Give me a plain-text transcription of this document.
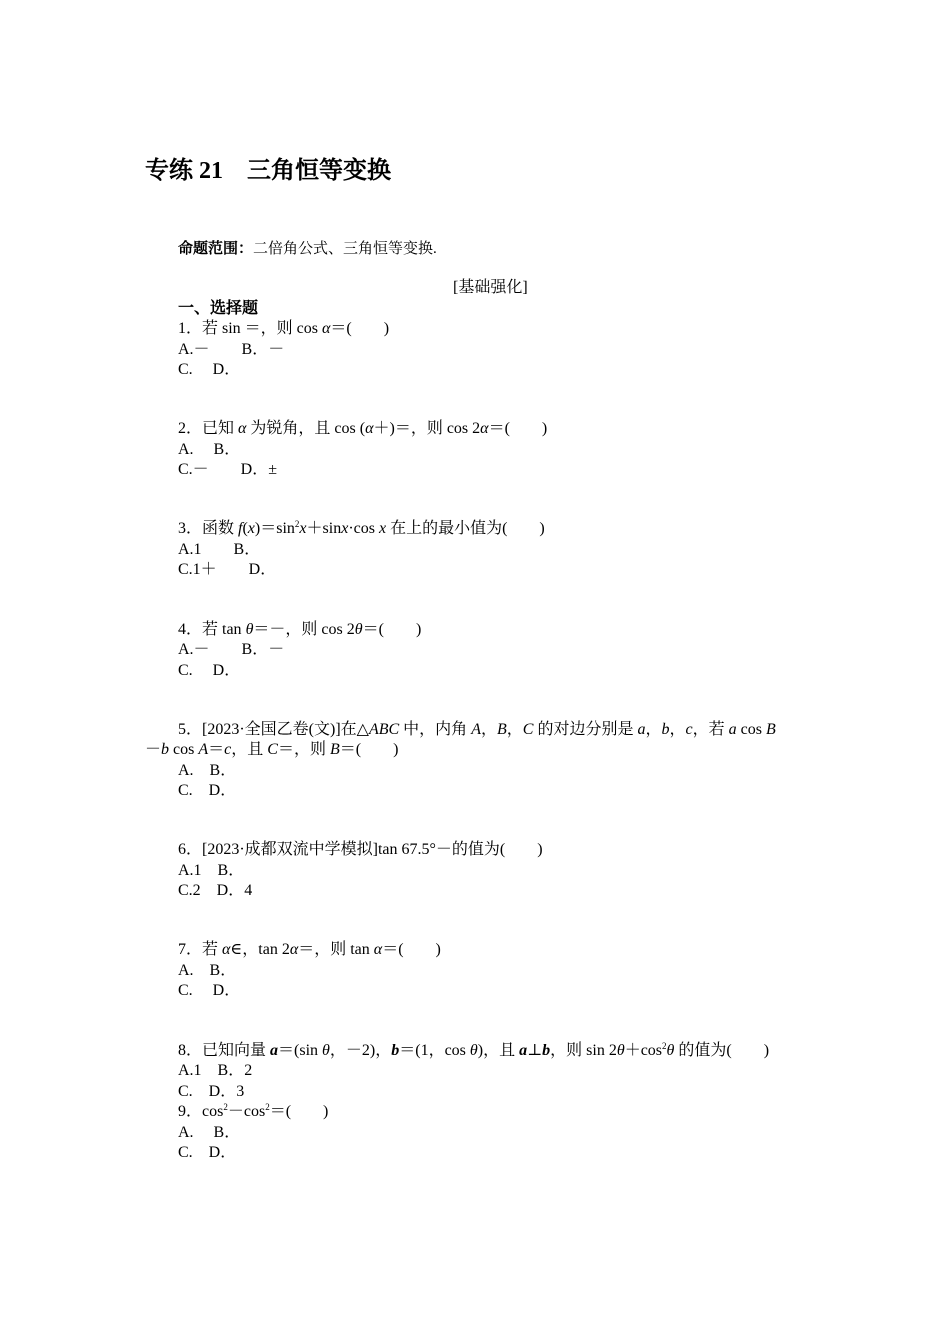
专练 21　三角恒等变换
命题范围：二倍角公式、三角恒等变换.
[基础强化]
一、选择题
1．若 sin ＝，则 cos α＝(　　)
A.－　　B．－
C.　 D．
2．已知 α 为锐角，且 cos (α＋)＝，则 cos 2α＝(　　)
A.　 B．
C.－　　D．±
3．函数 $f(x)=\sin^2x+\sin x\cdot\cos$ x 在上的最小值为(　　)
A.1　　B．
C.1＋　　D．
4．若 tan θ＝－，则 cos 2θ＝(　　)
A.－　　B．－
C.　 D．
5．[2023·全国乙卷(文)]在△ABC 中，内角 A，B，C 的对边分别是 a，b，c，若 a cos B
－b cos A＝c，且 C＝，则 B＝(　　)
A.　B．
C.　D．
6．[2023·成都双流中学模拟]tan 67.5°－的值为(　　)
A.1　B．
C.2　D．4
7．若 α∈，tan 2α＝，则 tan α＝(　　)
A.　B．
C.　 D．
8．已知向量 a＝(sin θ，－2)，b＝(1，cos θ)，且 a⊥b，则 $\sin 2\theta+\cos^2\theta$ 的值为(　　)
A.1　B．2
C.　D．3
9．$\cos^2-\cos^2=$(　　)
A.　 B．
C.　D．
